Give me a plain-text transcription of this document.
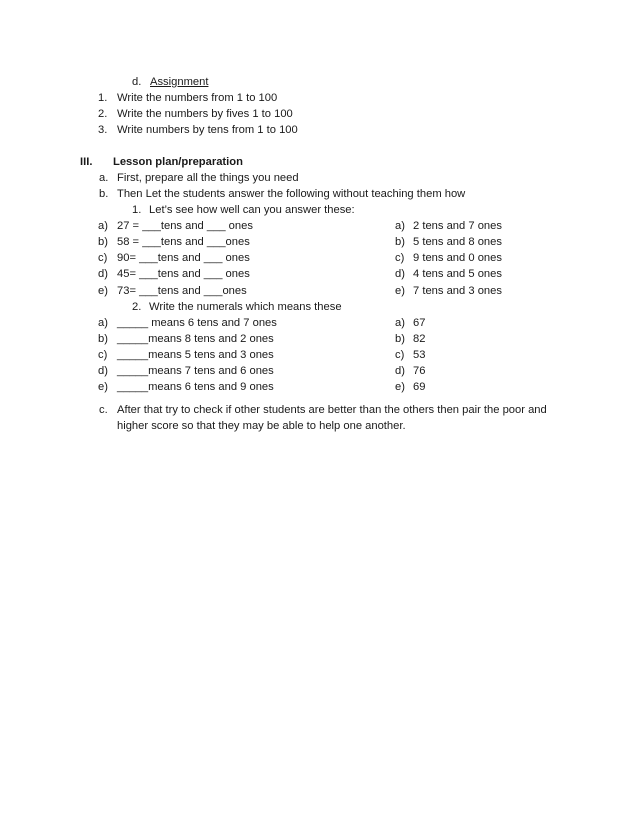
d. Assignment
1. Write the numbers from 1 to 100
2. Write the numbers by fives 1 to 100
3. Write numbers by tens from 1 to 100
III. Lesson plan/preparation
a. First, prepare all the things you need
b. Then Let the students answer the following without teaching them how
1. Let’s see how well can you answer these:
a) 27 = ___tens and ___ ones
b) 58 = ___tens and ___ones
c) 90= ___tens and ___ ones
d) 45= ___tens and ___ ones
e) 73= ___tens and ___ones
a) 2 tens and 7 ones
b) 5 tens and 8 ones
c) 9 tens and 0 ones
d) 4 tens and 5 ones
e) 7 tens and 3 ones
2. Write the numerals which means these
a) _____ means 6 tens and 7 ones
b) _____means 8 tens and 2 ones
c) _____means 5 tens and 3 ones
d) _____means 7 tens and 6 ones
e) _____means 6 tens and 9 ones
a) 67
b) 82
c) 53
d) 76
e) 69
c. After that try to check if other students are better than the others then pair the poor and
higher score so that they may be able to help one another.
